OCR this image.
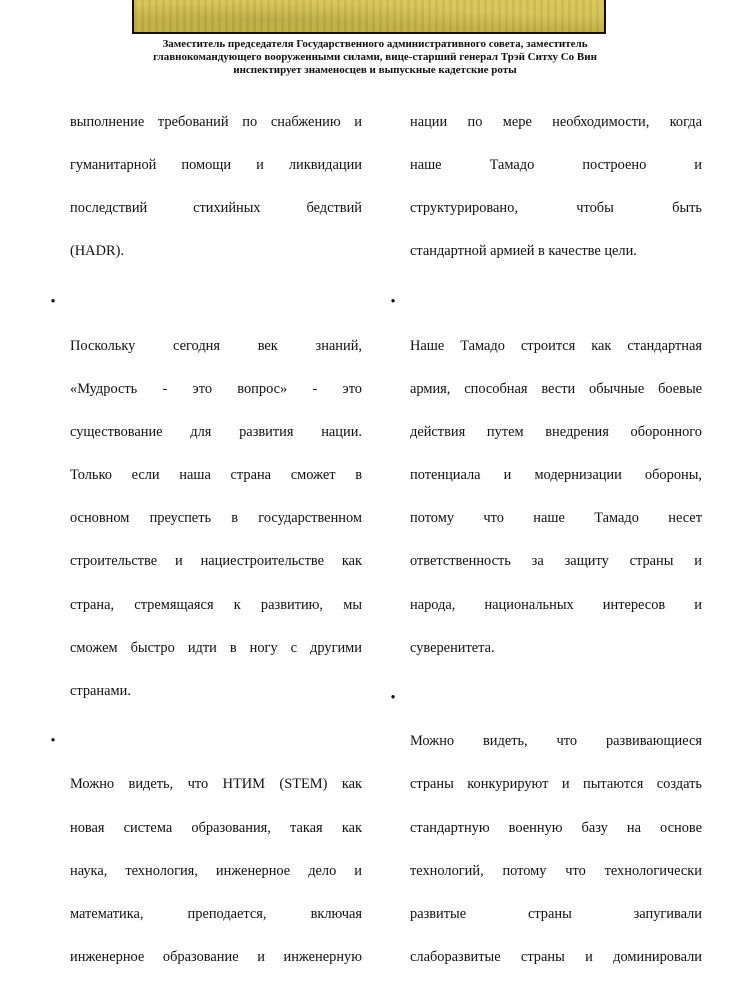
Заместитель председателя Государственного административного совета, заместитель
главнокомандующего вооруженными силами, вице-старший генерал Трэй Ситху Со Вин
инспектирует знаменосцев и выпускные кадетские роты

выполнение требований по снабжению и

гуманитарной помощи и ликвидации

последствий стихийных бедствий

(HADR).

•

Поскольку сегодня век знаний,

«Мудрость - это вопрос» - это

существование для развития нации.

Только если наша страна сможет в

основном преуспеть в государственном

строительстве и нациестроительстве как

страна, стремящаяся к развитию, мы

сможем быстро идти в ногу с другими

странами.

•

Можно видеть, что НТИМ (STEM) как

новая система образования, такая как

наука, технология, инженерное дело и

математика, преподается, включая

инженерное образование и инженерную

нации по мере необходимости, когда

наше Тамадо построено и

структурировано, чтобы быть

стандартной армией в качестве цели.

•

Наше Тамадо строится как стандартная

армия, способная вести обычные боевые

действия путем внедрения оборонного

потенциала и модернизации обороны,

потому что наше Тамадо несет

ответственность за защиту страны и

народа, национальных интересов и

суверенитета.

•

Можно видеть, что развивающиеся

страны конкурируют и пытаются создать

стандартную военную базу на основе

технологий, потому что технологически

развитые страны запугивали

слаборазвитые страны и доминировали
